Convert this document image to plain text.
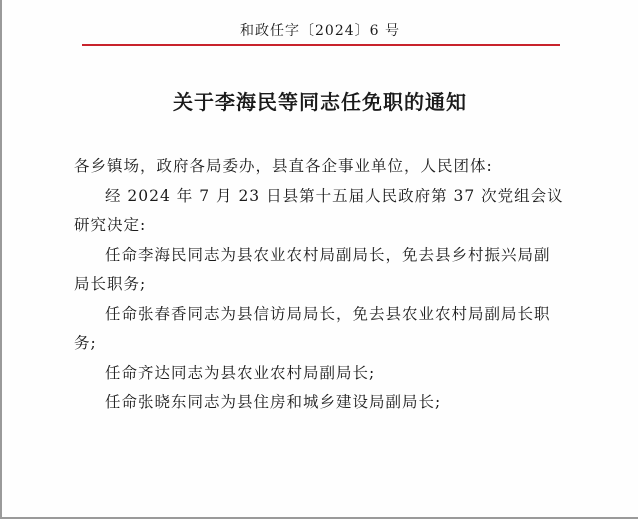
和政任字〔2024〕6 号
关于李海民等同志任免职的通知

各乡镇场，政府各局委办，县直各企事业单位，人民团体:

经 2024 年 7 月 23 日县第十五届人民政府第 37 次党组会议研究决定:

任命李海民同志为县农业农村局副局长，免去县乡村振兴局副局长职务;

任命张春香同志为县信访局局长，免去县农业农村局副局长职务;

任命齐达同志为县农业农村局副局长;

任命张晓东同志为县住房和城乡建设局副局长;
